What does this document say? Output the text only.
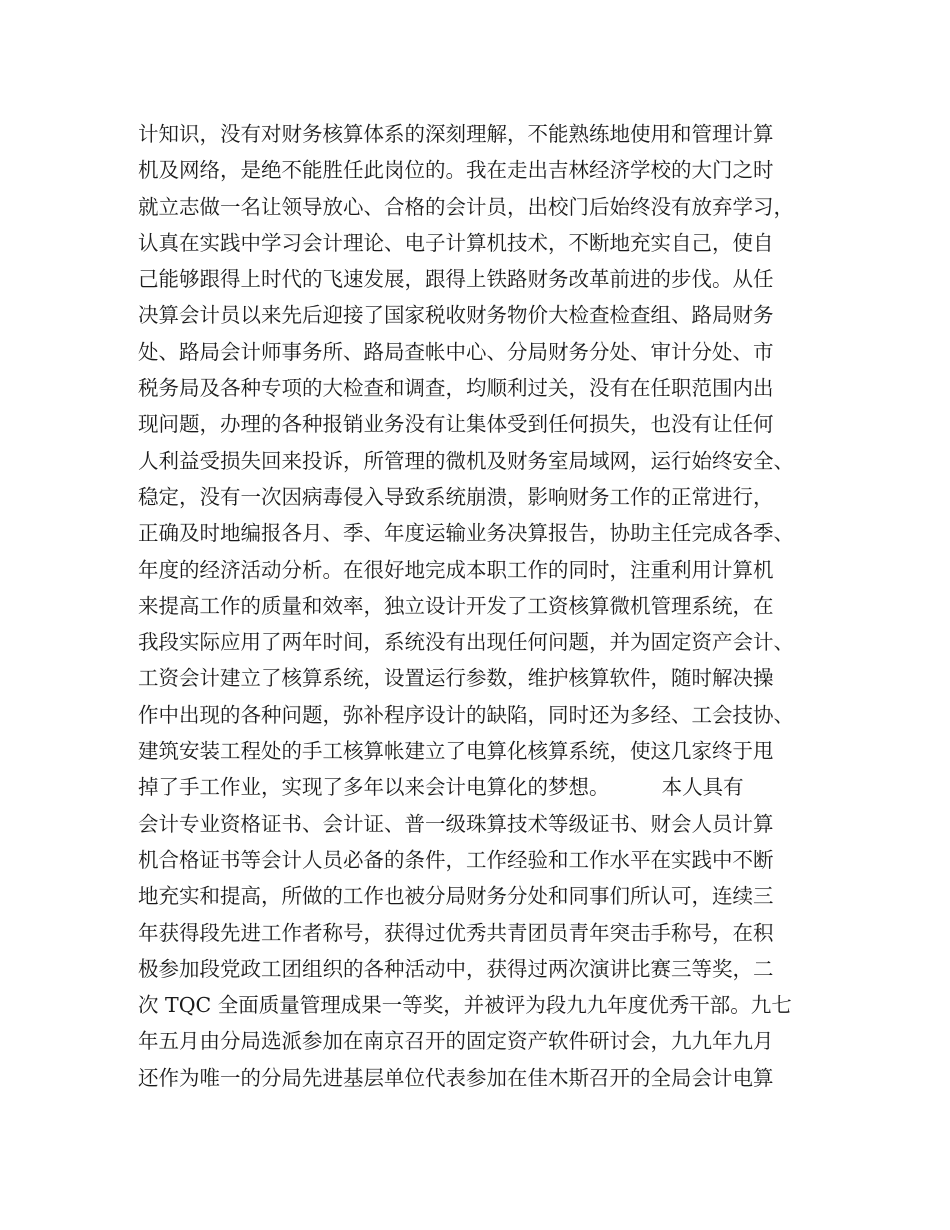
计知识，没有对财务核算体系的深刻理解，不能熟练地使用和管理计算
机及网络，是绝不能胜任此岗位的。我在走出吉林经济学校的大门之时
就立志做一名让领导放心、合格的会计员，出校门后始终没有放弃学习，
认真在实践中学习会计理论、电子计算机技术，不断地充实自己，使自
己能够跟得上时代的飞速发展，跟得上铁路财务改革前进的步伐。从任
决算会计员以来先后迎接了国家税收财务物价大检查检查组、路局财务
处、路局会计师事务所、路局查帐中心、分局财务分处、审计分处、市
税务局及各种专项的大检查和调查，均顺利过关，没有在任职范围内出
现问题，办理的各种报销业务没有让集体受到任何损失，也没有让任何
人利益受损失回来投诉，所管理的微机及财务室局域网，运行始终安全、
稳定，没有一次因病毒侵入导致系统崩溃，影响财务工作的正常进行，
正确及时地编报各月、季、年度运输业务决算报告，协助主任完成各季、
年度的经济活动分析。在很好地完成本职工作的同时，注重利用计算机
来提高工作的质量和效率，独立设计开发了工资核算微机管理系统，在
我段实际应用了两年时间，系统没有出现任何问题，并为固定资产会计、
工资会计建立了核算系统，设置运行参数，维护核算软件，随时解决操
作中出现的各种问题，弥补程序设计的缺陷，同时还为多经、工会技协、
建筑安装工程处的手工核算帐建立了电算化核算系统，使这几家终于甩
掉了手工作业，实现了多年以来会计电算化的梦想。        本人具有
会计专业资格证书、会计证、普一级珠算技术等级证书、财会人员计算
机合格证书等会计人员必备的条件，工作经验和工作水平在实践中不断
地充实和提高，所做的工作也被分局财务分处和同事们所认可，连续三
年获得段先进工作者称号，获得过优秀共青团员青年突击手称号，在积
极参加段党政工团组织的各种活动中，获得过两次演讲比赛三等奖，二
次 TQC 全面质量管理成果一等奖，并被评为段九九年度优秀干部。九七
年五月由分局选派参加在南京召开的固定资产软件研讨会，九九年九月
还作为唯一的分局先进基层单位代表参加在佳木斯召开的全局会计电算
